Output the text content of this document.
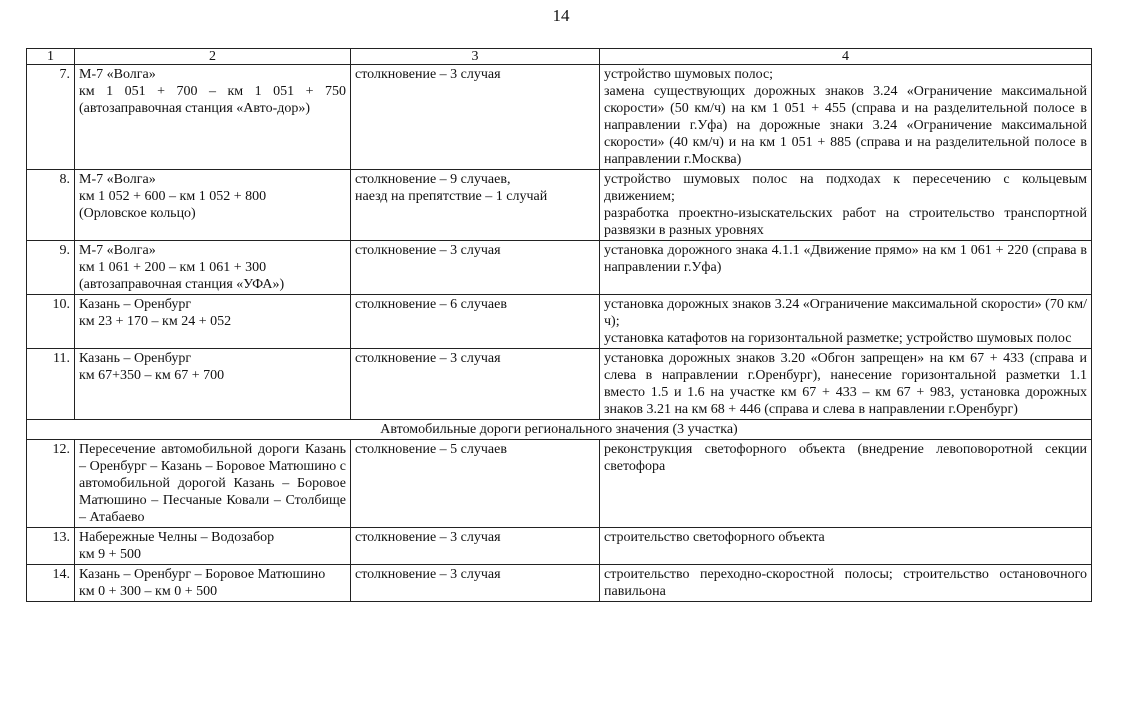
14
1	2	3	4
7.	М-7 «Волга»
км 1 051 + 700 – км 1 051 + 750 (автозаправочная станция «Авто-дор»)	столкновение – 3 случая	устройство шумовых полос;
замена существующих дорожных знаков 3.24 «Ограничение максимальной скорости» (50 км/ч) на км 1 051 + 455 (справа и на разделительной полосе в направлении г.Уфа) на дорожные знаки 3.24 «Ограничение максимальной скорости» (40 км/ч) и на км 1 051 + 885 (справа и на разделительной полосе в направлении г.Москва)

8.	М-7 «Волга»
км 1 052 + 600 – км 1 052 + 800
(Орловское кольцо)	столкновение – 9 случаев,
наезд на препятствие – 1 случай	устройство шумовых полос на подходах к пересечению с кольцевым движением;
разработка проектно-изыскательских работ на строительство транспортной развязки в разных уровнях

9.	М-7 «Волга»
км 1 061 + 200 – км 1 061 + 300
(автозаправочная станция «УФА»)	столкновение – 3 случая	установка дорожного знака 4.1.1 «Движение прямо» на км 1 061 + 220 (справа в направлении г.Уфа)

10.	Казань – Оренбург
км 23 + 170 – км 24 + 052	столкновение – 6 случаев	установка дорожных знаков 3.24 «Ограничение максимальной скорости» (70 км/ч);
установка катафотов на горизонтальной разметке; устройство шумовых полос

11.	Казань – Оренбург
км 67+350 – км 67 + 700	столкновение – 3 случая	установка дорожных знаков 3.20 «Обгон запрещен» на км 67 + 433 (справа и слева в направлении г.Оренбург), нанесение горизонтальной разметки 1.1 вместо 1.5 и 1.6 на участке км 67 + 433 – км 67 + 983, установка дорожных знаков 3.21 на км 68 + 446 (справа и слева в направлении г.Оренбург)

Автомобильные дороги регионального значения (3 участка)			
12.	Пересечение автомобильной дороги Казань – Оренбург – Казань – Боровое Матюшино с автомобильной дорогой Казань – Боровое Матюшино – Песчаные Ковали – Столбище – Атабаево	столкновение – 5 случаев	реконструкция светофорного объекта (внедрение левоповоротной секции светофора

13.	Набережные Челны – Водозабор
км 9 + 500	столкновение – 3 случая	строительство светофорного объекта

14.	Казань – Оренбург – Боровое Матюшино
км 0 + 300 – км 0 + 500	столкновение – 3 случая	строительство переходно-скоростной полосы; строительство остановочного павильона
